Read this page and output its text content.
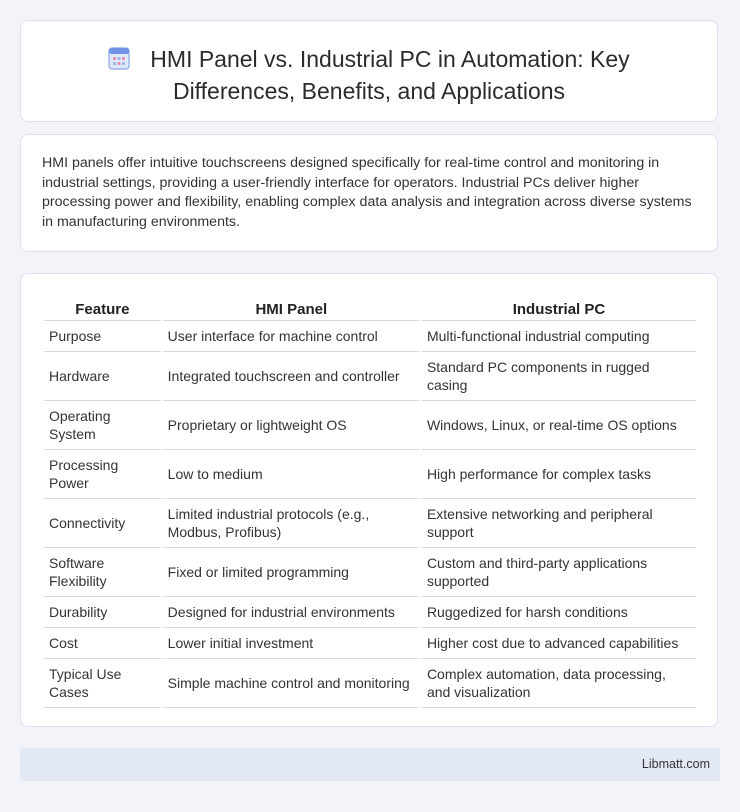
HMI Panel vs. Industrial PC in Automation: Key
Differences, Benefits, and Applications
HMI panels offer intuitive touchscreens designed specifically for real-time control and monitoring in industrial settings, providing a user-friendly interface for operators. Industrial PCs deliver higher processing power and flexibility, enabling complex data analysis and integration across diverse systems in manufacturing environments.
Feature	HMI Panel	Industrial PC
Purpose	User interface for machine control	Multi-functional industrial computing
Hardware	Integrated touchscreen and controller	Standard PC components in rugged casing
Operating System	Proprietary or lightweight OS	Windows, Linux, or real-time OS options
Processing Power	Low to medium	High performance for complex tasks
Connectivity	Limited industrial protocols (e.g., Modbus, Profibus)	Extensive networking and peripheral support
Software Flexibility	Fixed or limited programming	Custom and third-party applications supported
Durability	Designed for industrial environments	Ruggedized for harsh conditions
Cost	Lower initial investment	Higher cost due to advanced capabilities
Typical Use Cases	Simple machine control and monitoring	Complex automation, data processing, and visualization
Libmatt.com
